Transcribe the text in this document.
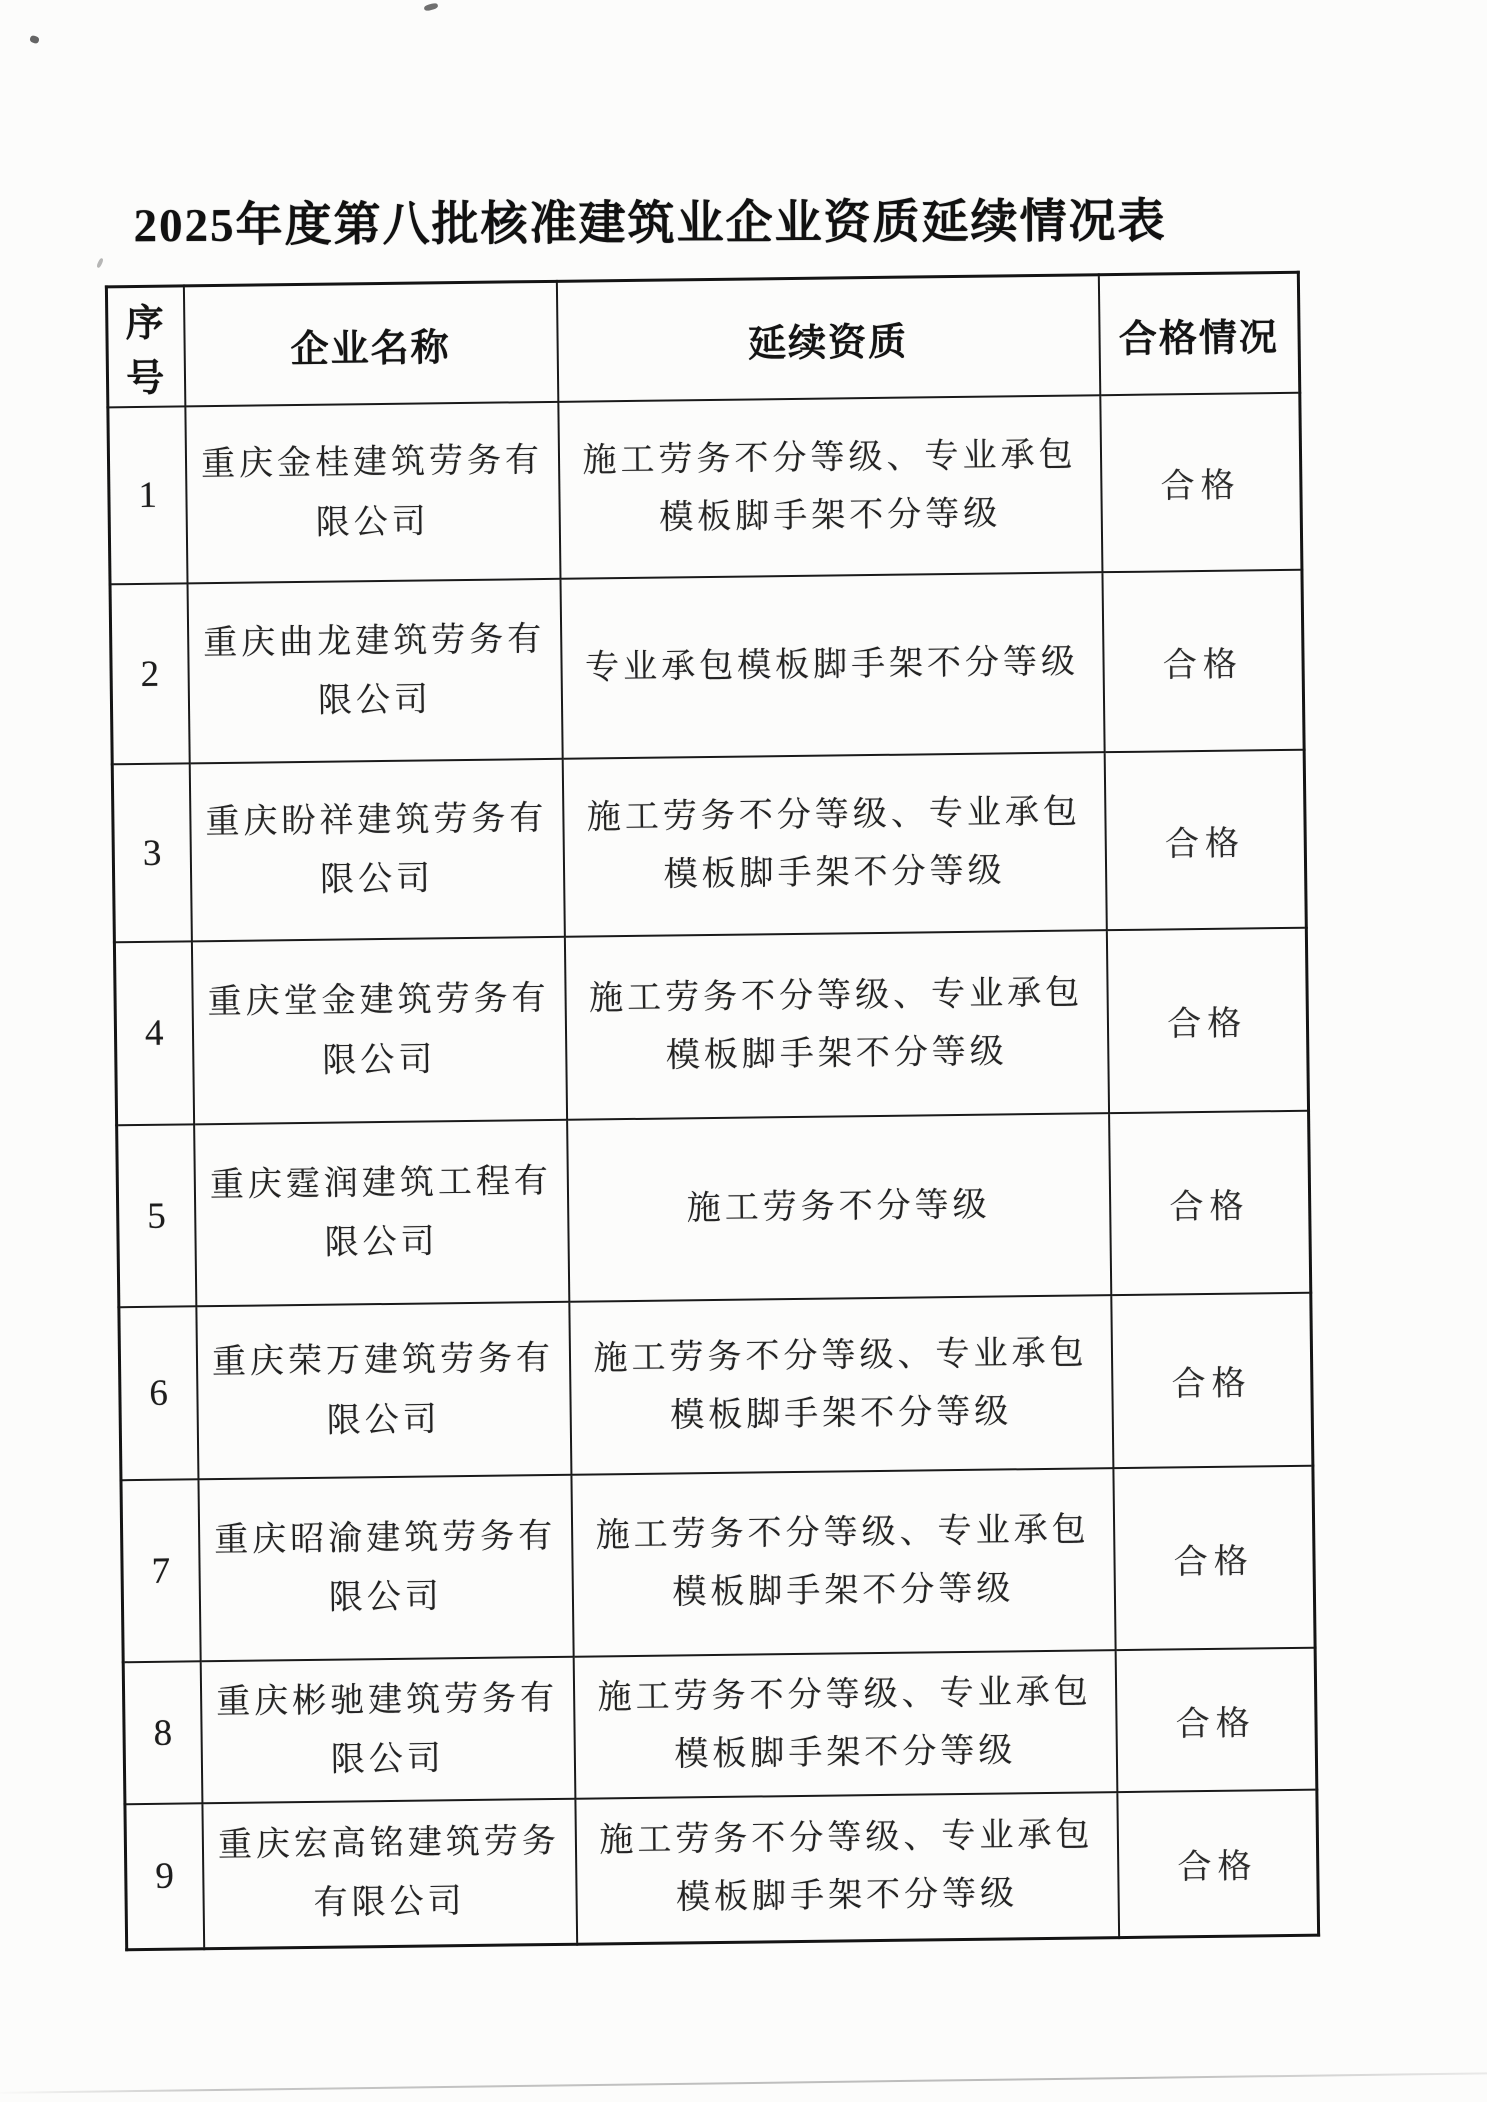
2025年度第八批核准建筑业企业资质延续情况表
序号	企业名称	延续资质	合格情况
1	重庆金桂建筑劳务有限公司	施工劳务不分等级、专业承包模板脚手架不分等级	合格
2	重庆曲龙建筑劳务有限公司	专业承包模板脚手架不分等级	合格
3	重庆盼祥建筑劳务有限公司	施工劳务不分等级、专业承包模板脚手架不分等级	合格
4	重庆堂金建筑劳务有限公司	施工劳务不分等级、专业承包模板脚手架不分等级	合格
5	重庆霆润建筑工程有限公司	施工劳务不分等级	合格
6	重庆荣万建筑劳务有限公司	施工劳务不分等级、专业承包模板脚手架不分等级	合格
7	重庆昭渝建筑劳务有限公司	施工劳务不分等级、专业承包模板脚手架不分等级	合格
8	重庆彬驰建筑劳务有限公司	施工劳务不分等级、专业承包模板脚手架不分等级	合格
9	重庆宏高铭建筑劳务有限公司	施工劳务不分等级、专业承包模板脚手架不分等级	合格
